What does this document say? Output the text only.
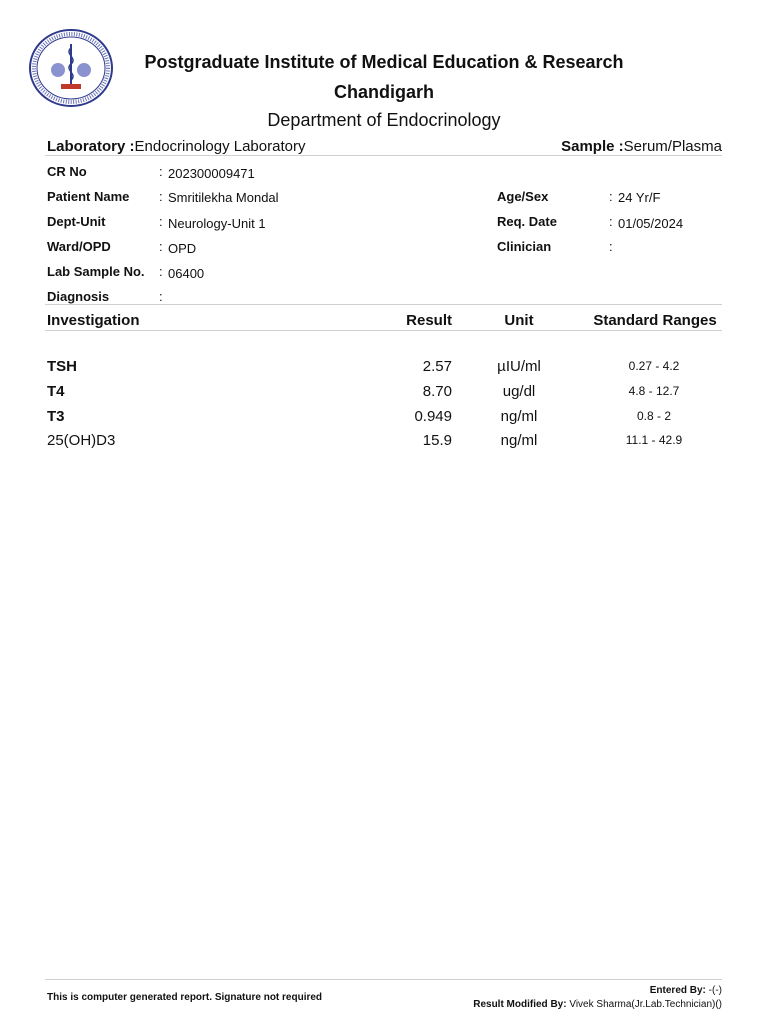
Postgraduate Institute of Medical Education & Research
Chandigarh
Department of Endocrinology
Laboratory :Endocrinology Laboratory	Sample :Serum/Plasma
CR No	: 202300009471
Patient Name : Smritilekha Mondal
Dept-Unit	: Neurology-Unit 1
Ward/OPD	: OPD
Lab Sample No. : 06400
Diagnosis	:
Age/Sex	: 24 Yr/F
Req. Date	: 01/05/2024
Clinician	:
Investigation	Result	Unit	Standard Ranges
TSH	2.57	µIU/ml	0.27 - 4.2
T4	8.70	ug/dl	4.8 - 12.7
T3	0.949	ng/ml	0.8 - 2
25(OH)D3	15.9	ng/ml	11.1 - 42.9
This is computer generated report. Signature not required
Entered By: -(-)
Result Modified By: Vivek Sharma(Jr.Lab.Technician)()
